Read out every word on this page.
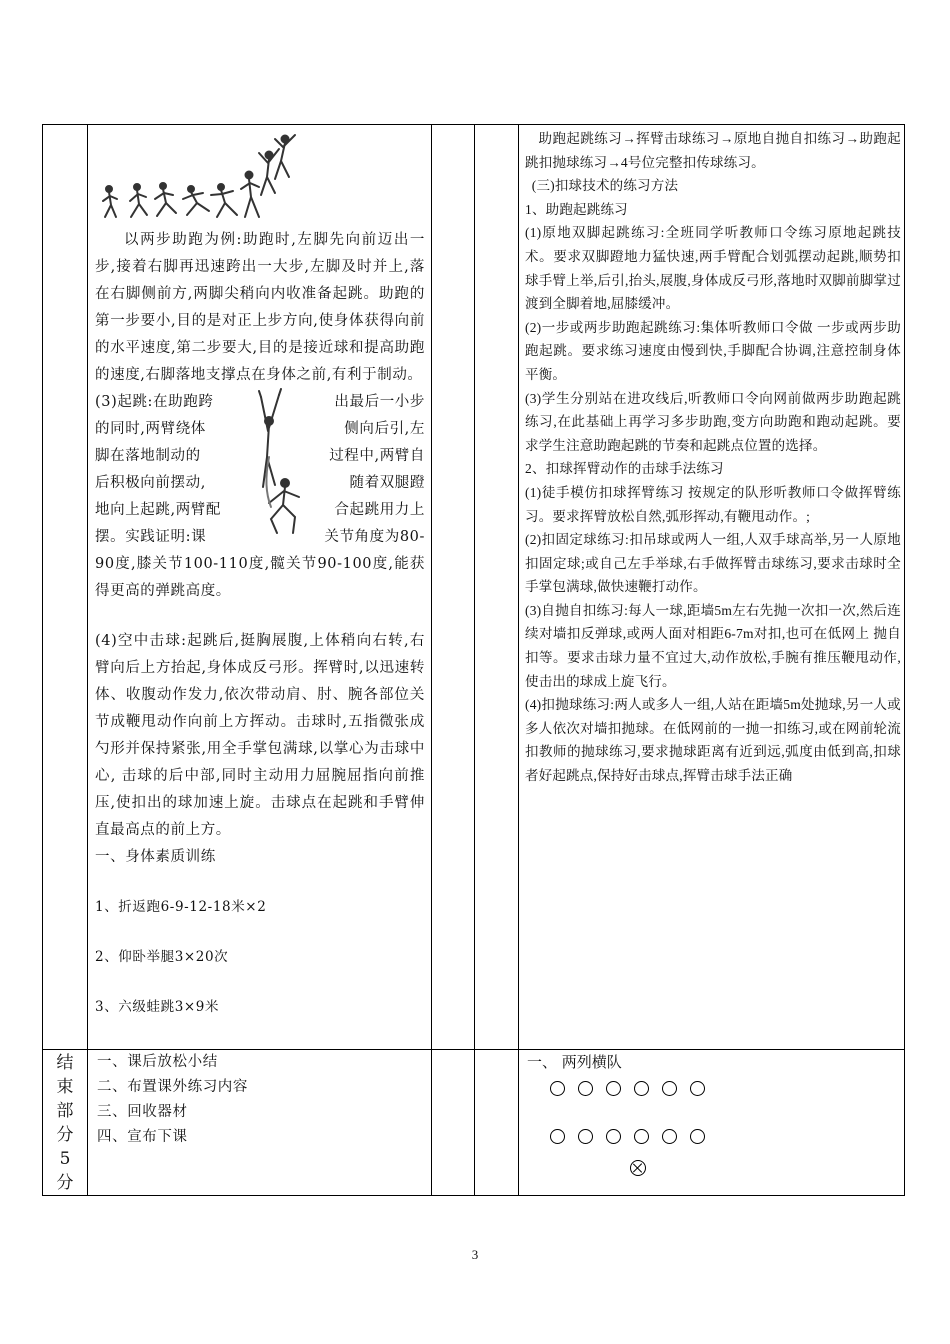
以两步助跑为例:助跑时,左脚先向前迈出一步,接着右脚再迅速跨出一大步,左脚及时并上,落在右脚侧前方,两脚尖稍向内收准备起跳。助跑的第一步要小,目的是对正上步方向,使身体获得向前的水平速度,第二步要大,目的是接近球和提高助跑的速度,右脚落地支撑点在身体之前,有利于制动。

(3)起跳:在助跑跨	出最后一小步
的同时,两臂绕体	侧向后引,左
脚在落地制动的	过程中,两臂自
后积极向前摆动,	随着双腿蹬
地向上起跳,两臂配	合起跳用力上
摆。实践证明:课	关节角度为80-

90度,膝关节100-110度,髋关节90-100度,能获得更高的弹跳高度。

(4)空中击球:起跳后,挺胸展腹,上体稍向右转,右臂向后上方抬起,身体成反弓形。挥臂时,以迅速转体、收腹动作发力,依次带动肩、肘、腕各部位关节成鞭甩动作向前上方挥动。击球时,五指微张成勺形并保持紧张,用全手掌包满球,以掌心为击球中心, 击球的后中部,同时主动用力屈腕屈指向前推压,使扣出的球加速上旋。击球点在起跳和手臂伸直最高点的前上方。

一、身体素质训练

1、折返跑6-9-12-18米×2

2、仰卧举腿3×20次

3、六级蛙跳3×9米

助跑起跳练习→挥臂击球练习→原地自抛自扣练习→助跑起跳扣抛球练习→4号位完整扣传球练习。

(三)扣球技术的练习方法

1、助跑起跳练习

(1)原地双脚起跳练习:全班同学听教师口令练习原地起跳技术。要求双脚蹬地力猛快速,两手臂配合划弧摆动起跳,顺势扣球手臂上举,后引,抬头,展腹,身体成反弓形,落地时双脚前脚掌过渡到全脚着地,屈膝缓冲。

(2)一步或两步助跑起跳练习:集体听教师口令做 一步或两步助跑起跳。要求练习速度由慢到快,手脚配合协调,注意控制身体平衡。

(3)学生分别站在进攻线后,听教师口令向网前做两步助跑起跳练习,在此基础上再学习多步助跑,变方向助跑和跑动起跳。要求学生注意助跑起跳的节奏和起跳点位置的选择。

2、扣球挥臂动作的击球手法练习

(1)徒手模仿扣球挥臂练习 按规定的队形听教师口令做挥臂练习。要求挥臂放松自然,弧形挥动,有鞭甩动作。;

(2)扣固定球练习:扣吊球或两人一组,人双手球高举,另一人原地扣固定球;或自己左手举球,右手做挥臂击球练习,要求击球时全手掌包满球,做快速鞭打动作。

(3)自抛自扣练习:每人一球,距墙5m左右先抛一次扣一次,然后连续对墙扣反弹球,或两人面对相距6-7m对扣,也可在低网上 抛自扣等。要求击球力量不宜过大,动作放松,手腕有推压鞭甩动作,使击出的球成上旋飞行。

(4)扣抛球练习:两人或多人一组,人站在距墙5m处抛球,另一人或多人依次对墙扣抛球。在低网前的一抛一扣练习,或在网前轮流扣教师的抛球练习,要求抛球距离有近到远,弧度由低到高,扣球者好起跳点,保持好击球点,挥臂击球手法正确

结
束
部
分
5
分
一、课后放松小结
二、布置课外练习内容
三、回收器材
四、宣布下课
一、 两列横队
3
